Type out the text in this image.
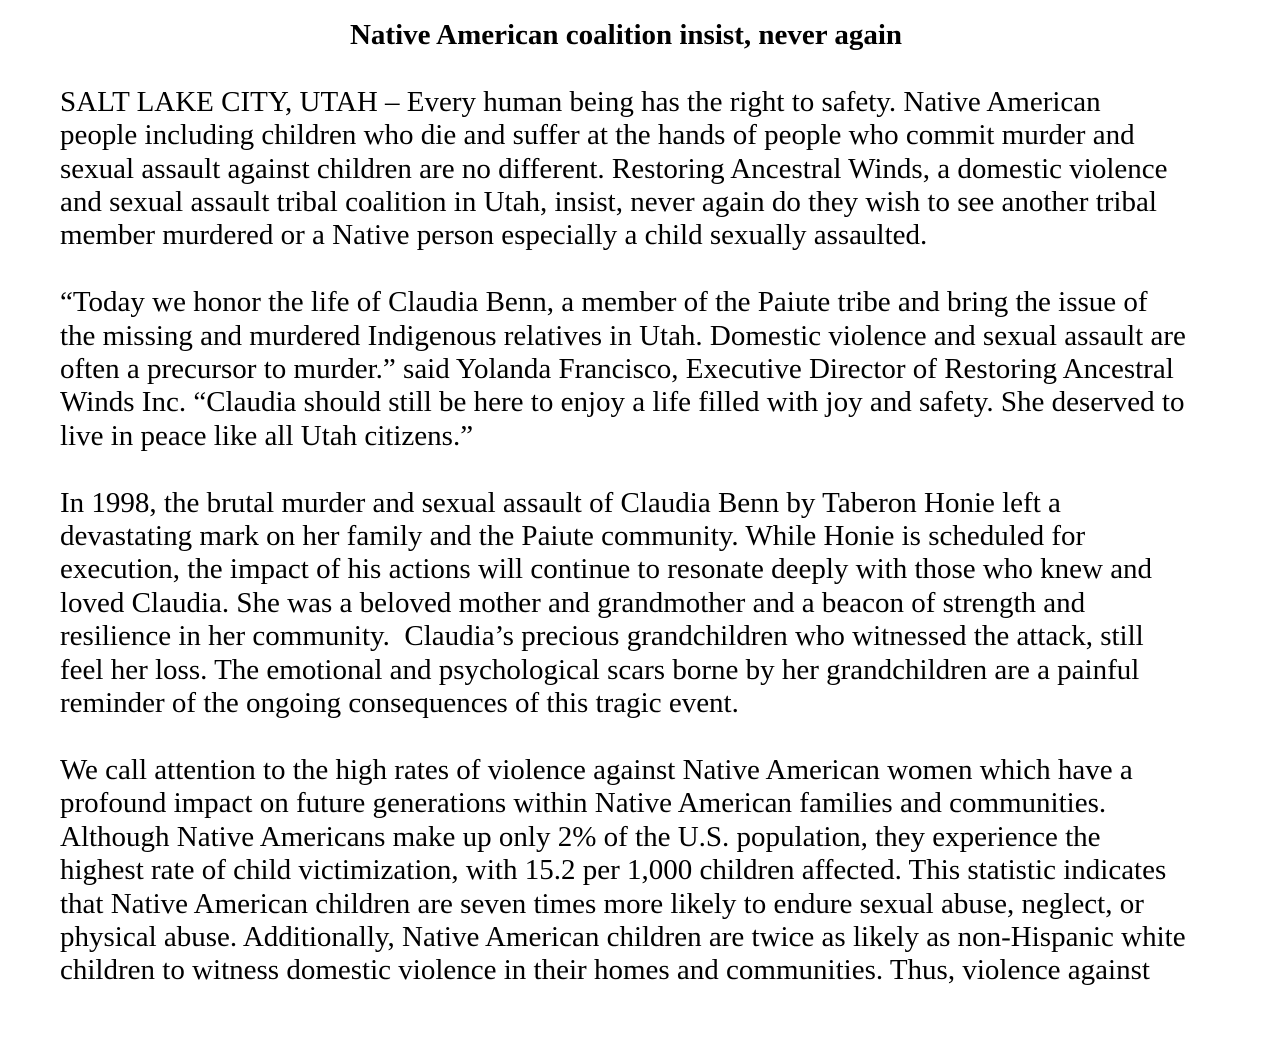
Native American coalition insist, never again
SALT LAKE CITY, UTAH – Every human being has the right to safety. Native American
people including children who die and suffer at the hands of people who commit murder and
sexual assault against children are no different. Restoring Ancestral Winds, a domestic violence
and sexual assault tribal coalition in Utah, insist, never again do they wish to see another tribal
member murdered or a Native person especially a child sexually assaulted.
“Today we honor the life of Claudia Benn, a member of the Paiute tribe and bring the issue of
the missing and murdered Indigenous relatives in Utah. Domestic violence and sexual assault are
often a precursor to murder.” said Yolanda Francisco, Executive Director of Restoring Ancestral
Winds Inc. “Claudia should still be here to enjoy a life filled with joy and safety. She deserved to
live in peace like all Utah citizens.”
In 1998, the brutal murder and sexual assault of Claudia Benn by Taberon Honie left a
devastating mark on her family and the Paiute community. While Honie is scheduled for
execution, the impact of his actions will continue to resonate deeply with those who knew and
loved Claudia. She was a beloved mother and grandmother and a beacon of strength and
resilience in her community.  Claudia’s precious grandchildren who witnessed the attack, still
feel her loss. The emotional and psychological scars borne by her grandchildren are a painful
reminder of the ongoing consequences of this tragic event.
We call attention to the high rates of violence against Native American women which have a
profound impact on future generations within Native American families and communities.
Although Native Americans make up only 2% of the U.S. population, they experience the
highest rate of child victimization, with 15.2 per 1,000 children affected. This statistic indicates
that Native American children are seven times more likely to endure sexual abuse, neglect, or
physical abuse. Additionally, Native American children are twice as likely as non-Hispanic white
children to witness domestic violence in their homes and communities. Thus, violence against
